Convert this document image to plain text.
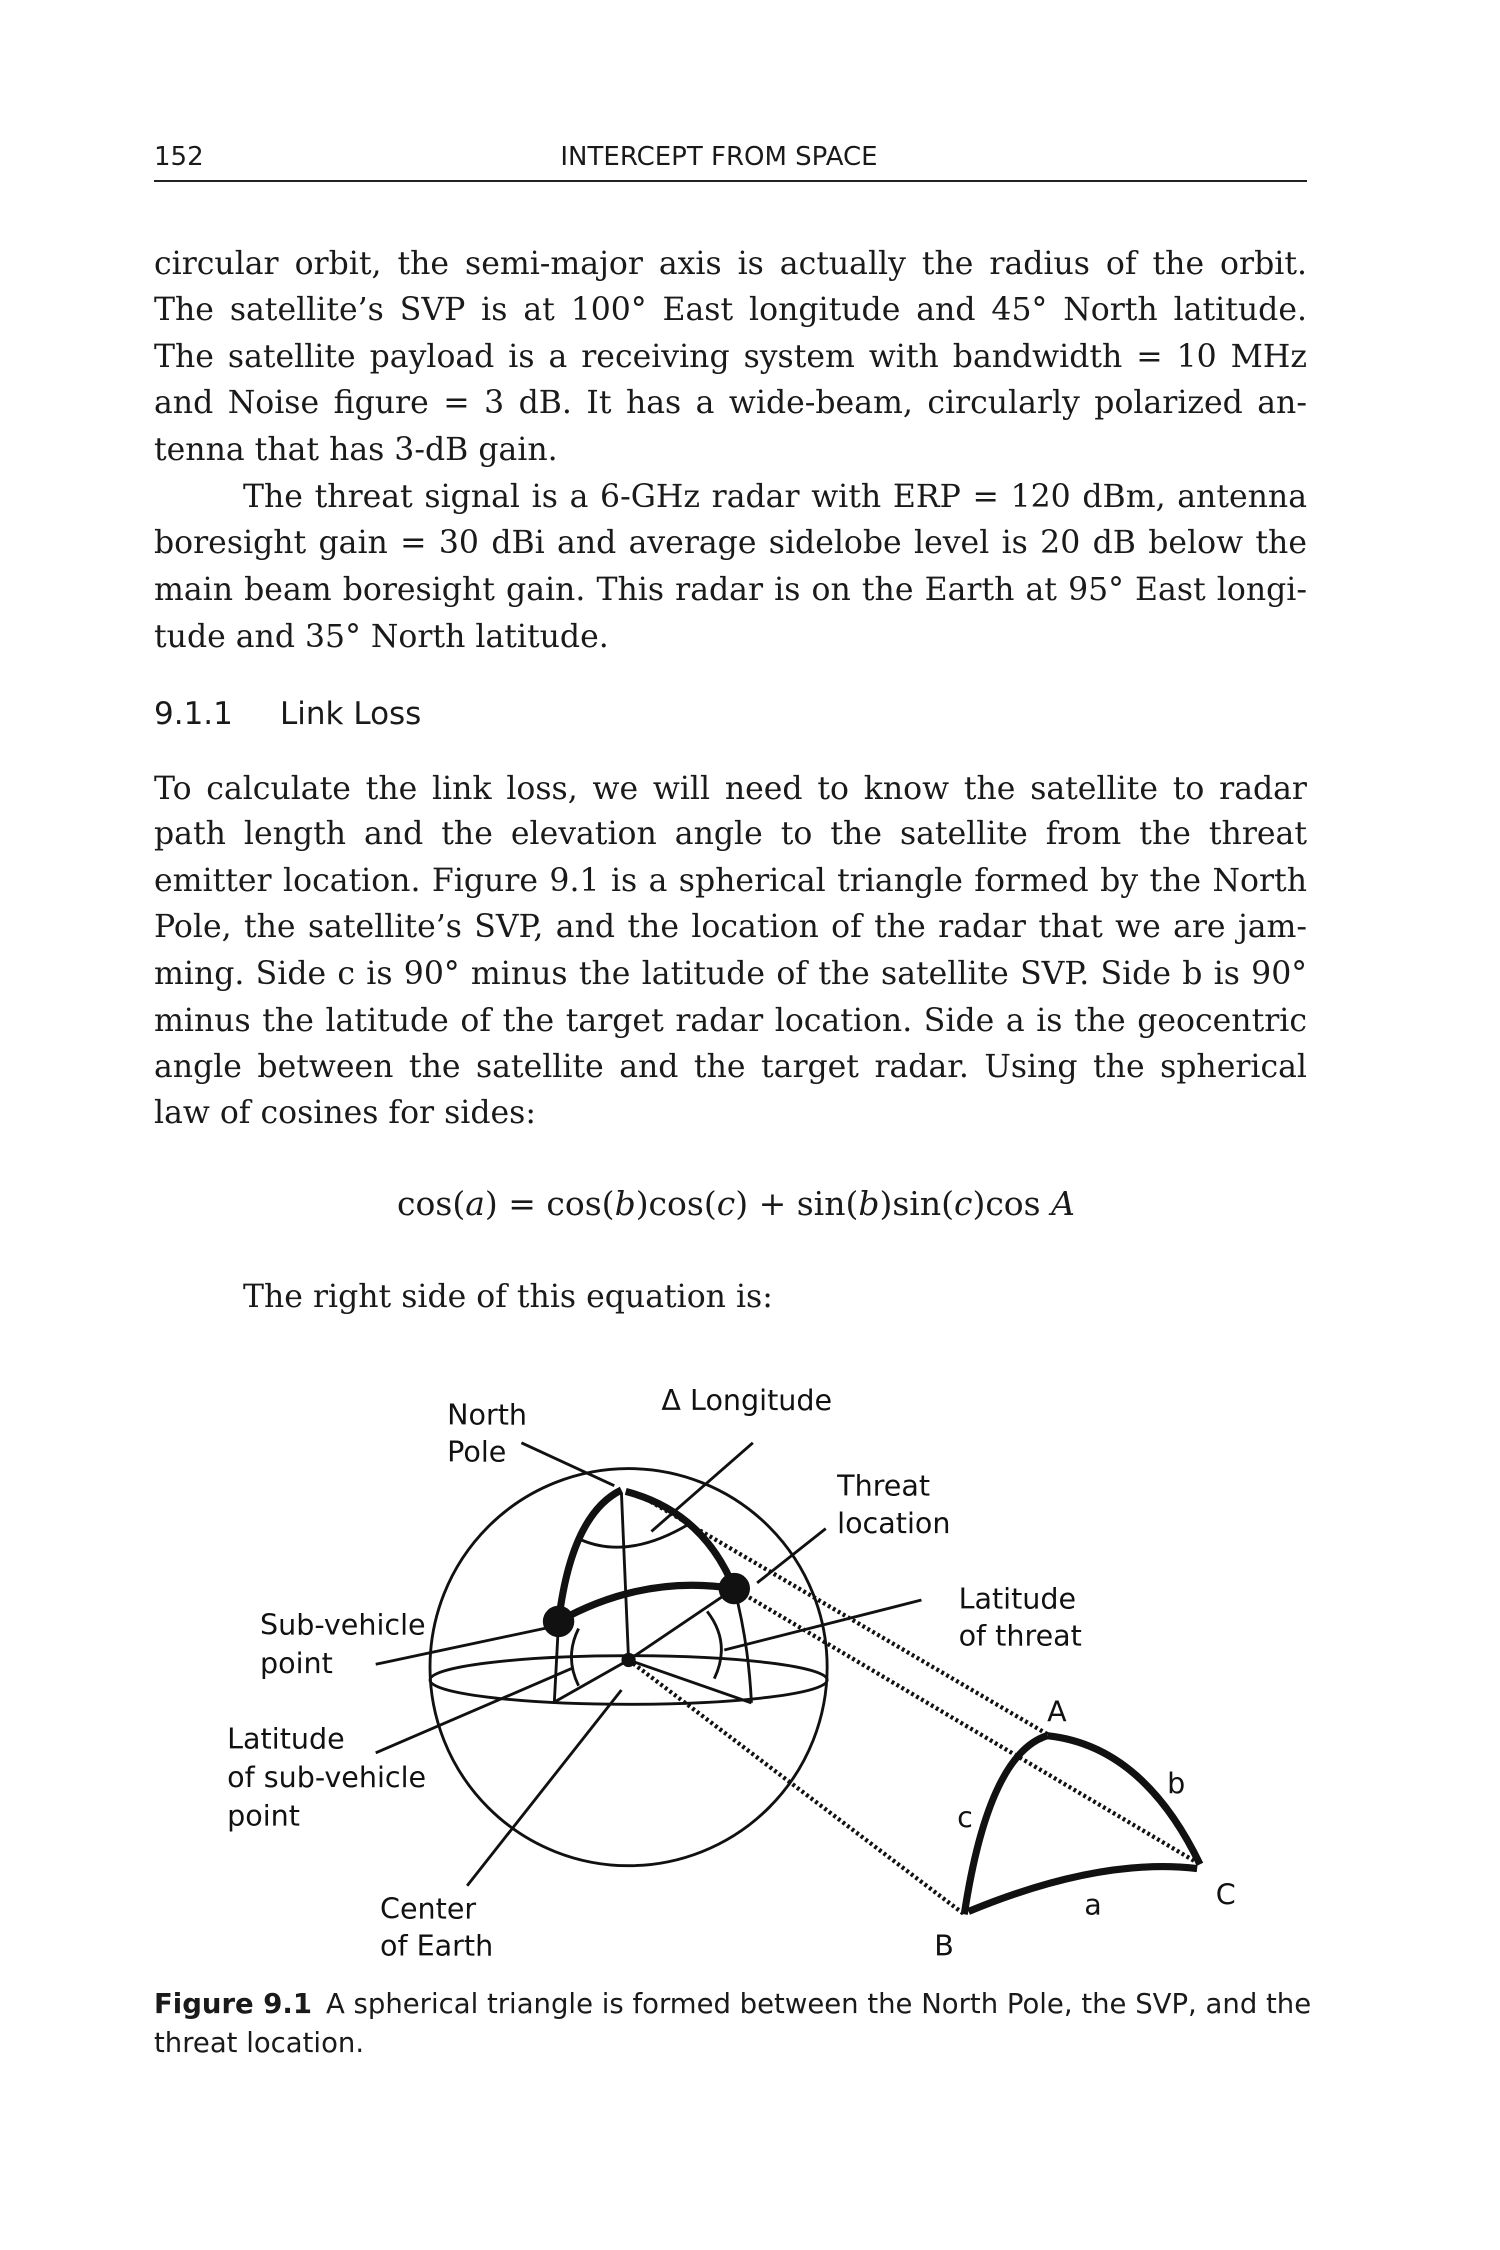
152	INTERCEPT FROM SPACE
circular orbit, the semi-major axis is actually the radius of the orbit.
The satellite’s SVP is at 100° East longitude and 45° North latitude.
The satellite payload is a receiving system with bandwidth = 10 MHz
and Noise figure = 3 dB. It has a wide-beam, circularly polarized an-
tenna that has 3-dB gain.
The threat signal is a 6-GHz radar with ERP = 120 dBm, antenna
boresight gain = 30 dBi and average sidelobe level is 20 dB below the
main beam boresight gain. This radar is on the Earth at 95° East longi-
tude and 35° North latitude.
9.1.1 Link Loss
To calculate the link loss, we will need to know the satellite to radar
path length and the elevation angle to the satellite from the threat
emitter location. Figure 9.1 is a spherical triangle formed by the North
Pole, the satellite’s SVP, and the location of the radar that we are jam-
ming. Side c is 90° minus the latitude of the satellite SVP. Side b is 90°
minus the latitude of the target radar location. Side a is the geocentric
angle between the satellite and the target radar. Using the spherical
law of cosines for sides:
cos(a) = cos(b)cos(c) + sin(b)sin(c)cos A
The right side of this equation is:
North
Pole
Δ Longitude
Threat
location
Latitude
of threat
Sub-vehicle
point
Latitude
of sub-vehicle
point
Center
of Earth
A
B
C
a
b
c
Figure 9.1 A spherical triangle is formed between the North Pole, the SVP, and the
threat location.
